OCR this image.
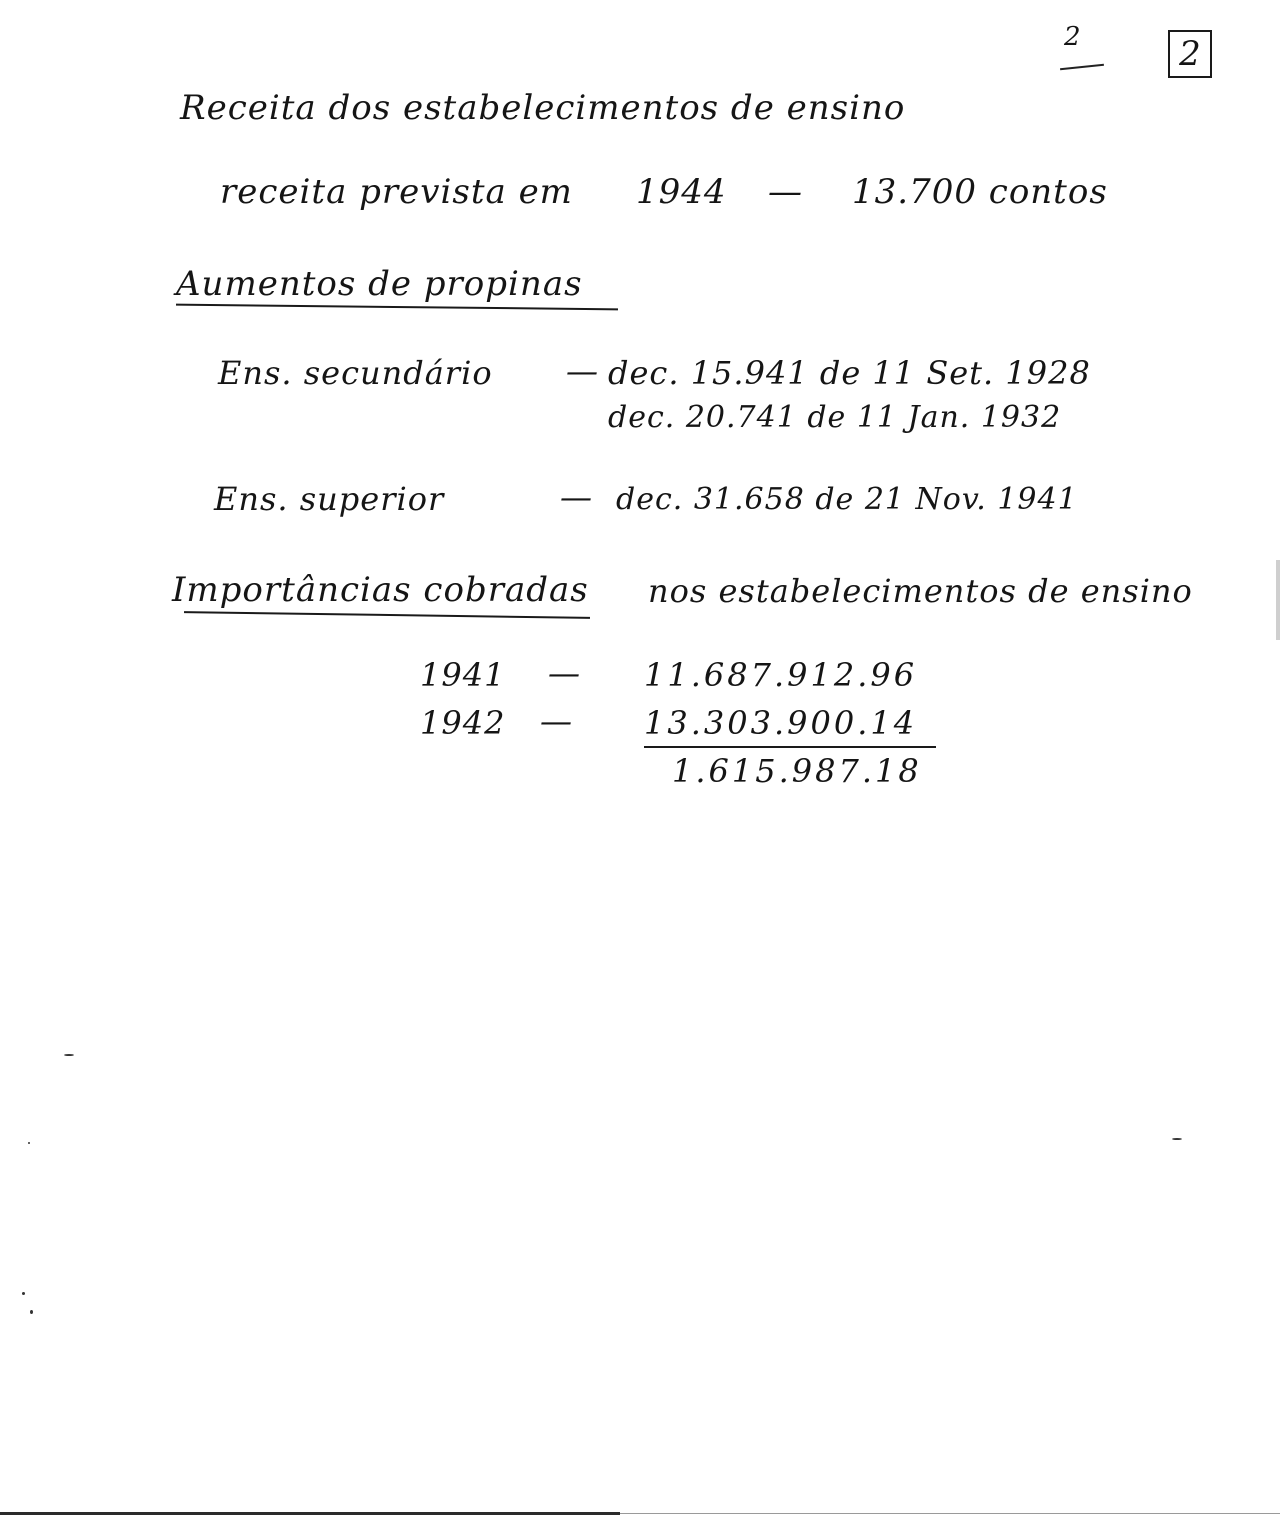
2	2
Receita dos estabelecimentos de ensino
receita prevista em 1944 — 13.700 contos
Aumentos de propinas
Ens. secundário — dec. 15.941 de 11 Set. 1928
dec. 20.741 de 11 Jan. 1932
Ens. superior	— dec. 31.658 de 21 Nov. 1941
Importâncias cobradas nos estabelecimentos de ensino
1941 — 11.687.912.96
1942 — 13.303.900.14
1.615.987.18
